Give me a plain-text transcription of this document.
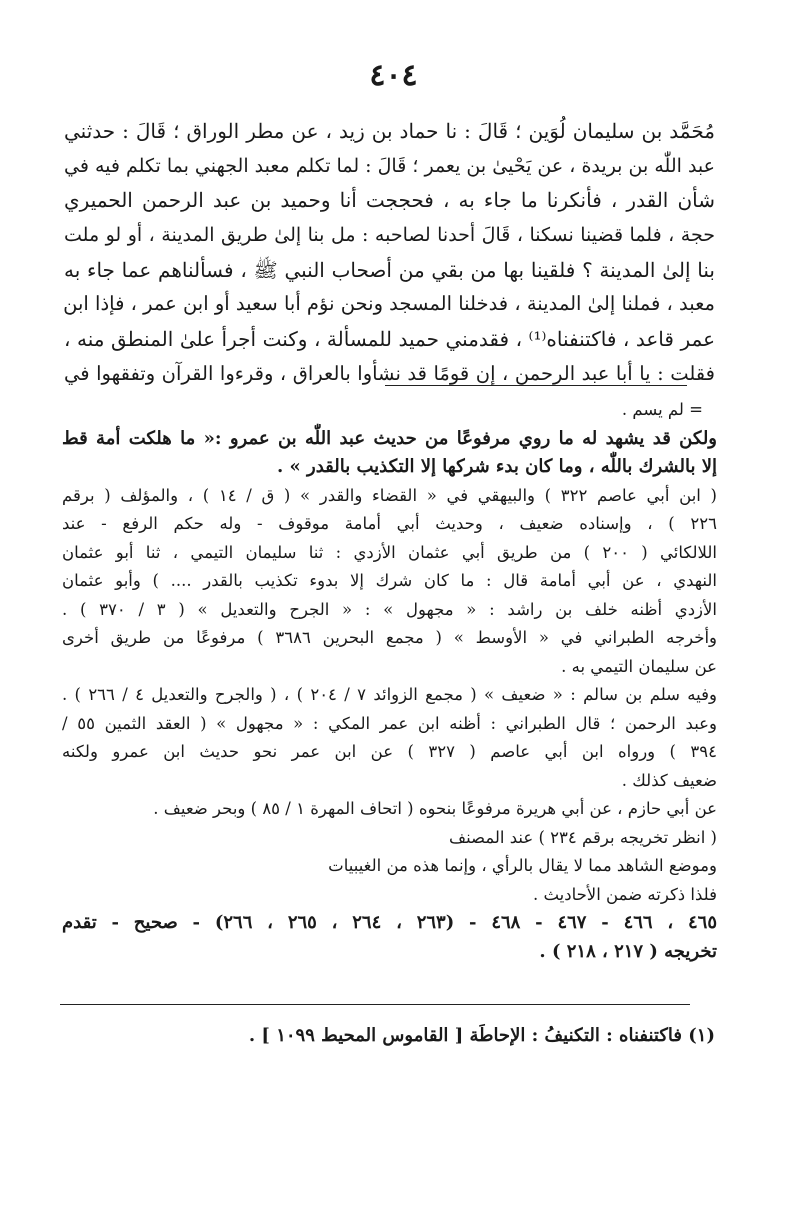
٤٠٤
مُحَمَّد بن سليمان لُوَين ؛ قَالَ : نا حماد بن زيد ، عن مطر الوراق ؛ قَالَ : حدثني
عبد اللّٰه بن بريدة ، عن يَحْيىٰ بن يعمر ؛ قَالَ : لما تكلم معبد الجهني بما تكلم فيه في
شأن القدر ، فأنكرنا ما جاء به ، فحججت أنا وحميد بن عبد الرحمن الحميري
حجة ، فلما قضينا نسكنا ، قَالَ أحدنا لصاحبه : مل بنا إلىٰ طريق المدينة ، أو لو ملت
بنا إلىٰ المدينة ؟ فلقينا بها من بقي من أصحاب النبي ﷺ ، فسألناهم عما جاء به
معبد ، فملنا إلىٰ المدينة ، فدخلنا المسجد ونحن نؤم أبا سعيد أو ابن عمر ، فإذا ابن
عمر قاعد ، فاكتنفناه⁽¹⁾ ، فقدمني حميد للمسألة ، وكنت أجرأ علىٰ المنطق منه ،
فقلت : يا أبا عبد الرحمن ، إن قومًا قد نشأوا بالعراق ، وقرءوا القرآن وتفقهوا في
= لم يسم .
ولكن قد يشهد له ما روي مرفوعًا من حديث عبد اللّٰه بن عمرو :« ما هلكت أمة قط
إلا بالشرك باللّٰه ، وما كان بدء شركها إلا التكذيب بالقدر » .
( ابن أبي عاصم ٣٢٢ ) والبيهقي في « القضاء والقدر » ( ق / ١٤ ) ، والمؤلف ( برقم
٢٢٦ ) ، وإسناده ضعيف ، وحديث أبي أمامة موقوف - وله حكم الرفع - عند
اللالكائي ( ٢٠٠ ) من طريق أبي عثمان الأزدي : ثنا سليمان التيمي ، ثنا أبو عثمان
النهدي ، عن أبي أمامة قال : ما كان شرك إلا بدوء تكذيب بالقدر .... ) وأبو عثمان
الأزدي أظنه خلف بن راشد : « مجهول » : « الجرح والتعديل » ( ٣ / ٣٧٠ ) .
وأخرجه الطبراني في « الأوسط » ( مجمع البحرين ٣٦٨٦ ) مرفوعًا من طريق أخرى
عن سليمان التيمي به .
وفيه سلم بن سالم : « ضعيف » ( مجمع الزوائد ٧ / ٢٠٤ ) ، ( والجرح والتعديل ٤ / ٢٦٦ ) .
وعبد الرحمن ؛ قال الطبراني : أظنه ابن عمر المكي : « مجهول » ( العقد الثمين ٥٥ /
٣٩٤ ) ورواه ابن أبي عاصم ( ٣٢٧ ) عن ابن عمر نحو حديث ابن عمرو ولكنه
ضعيف كذلك .
عن أبي حازم ، عن أبي هريرة مرفوعًا بنحوه ( اتحاف المهرة ١ / ٨٥ ) وبحر ضعيف .
( انظر تخريجه برقم ٢٣٤ ) عند المصنف
وموضع الشاهد مما لا يقال بالرأي ، وإنما هذه من الغيبيات
فلذا ذكرته ضمن الأحاديث .
٤٦٥ ، ٤٦٦ - ٤٦٧ - ٤٦٨ - (٢٦٣ ، ٢٦٤ ، ٢٦٥ ، ٢٦٦) - صحيح - تقدم
تخريجه ( ٢١٧ ، ٢١٨ ) .
(١) فاكتنفناه : التكنيفُ : الإحاطَة [ القاموس المحيط ١٠٩٩ ] .
